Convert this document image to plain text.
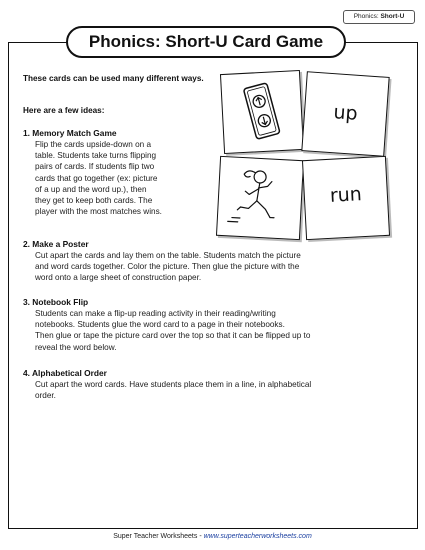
Phonics: Short-U
Phonics: Short-U Card Game
These cards can be used many different ways.
Here are a few ideas:
1. Memory Match Game
Flip the cards upside-down on a
table. Students take turns flipping
pairs of cards. If students flip two
cards that go together (ex: picture
of a up and the word up.), then
they get to keep both cards. The
player with the most matches wins.
2. Make a Poster
Cut apart the cards and lay them on the table. Students match the picture
and word cards together. Color the picture. Then glue the picture with the
word onto a large sheet of construction paper.
3. Notebook Flip
Students can make a flip-up reading activity in their reading/writing
notebooks. Students glue the word card to a page in their notebooks.
Then glue or tape the picture card over the top so that it can be flipped up to
reveal the word below.
4. Alphabetical Order
Cut apart the word cards. Have students place them in a line, in alphabetical
order.
up
run
Super Teacher Worksheets - www.superteacherworksheets.com
